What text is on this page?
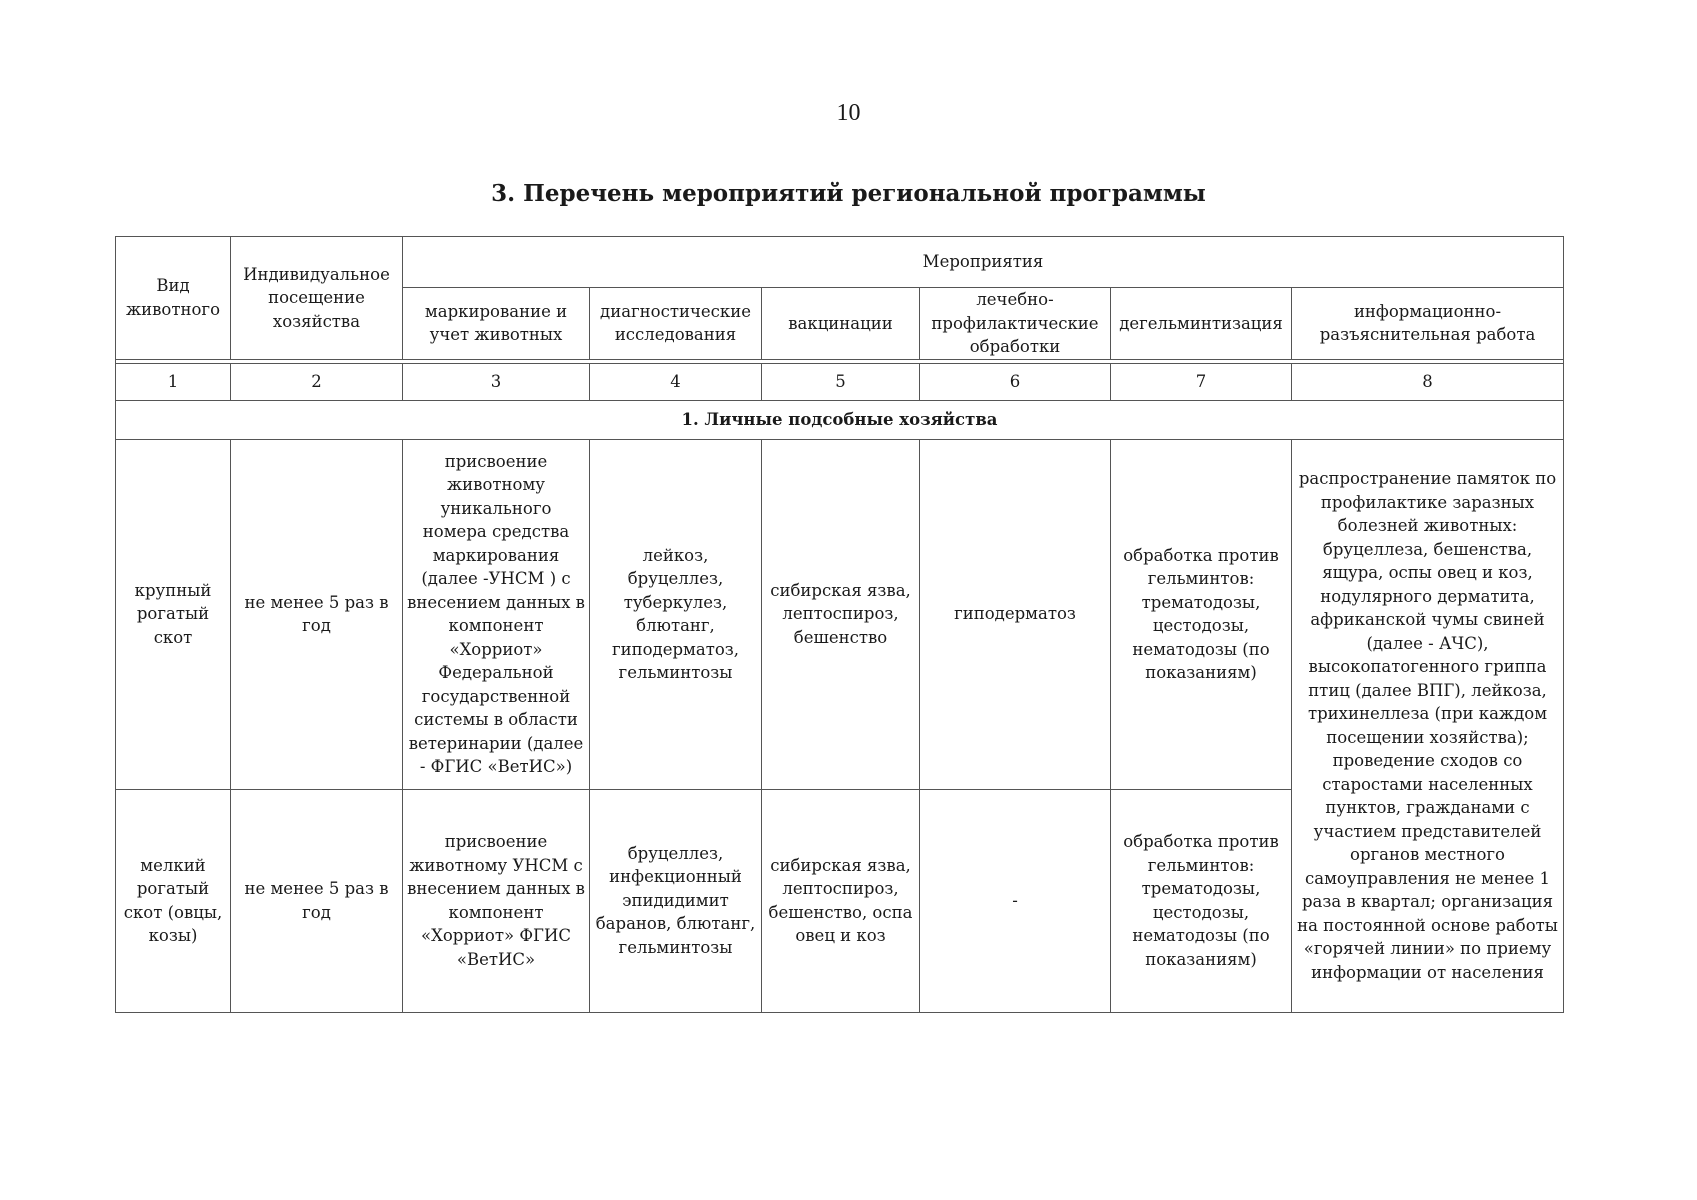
10
3. Перечень мероприятий региональной программы
Вид животного	Индивидуальное посещение хозяйства	Мероприятия					
		маркирование и учет животных	диагностические исследования	вакцинации	лечебно-профилактические обработки	дегельминтизация	информационно-разъяснительная работа

1	2	3	4	5	6	7	8
1. Личные подсобные хозяйства							
крупный рогатый скот	не менее 5 раз в год	присвоение животному уникального номера средства маркирования (далее -УНСМ ) с внесением данных в компонент «Хорриот» Федеральной государственной системы в области ветеринарии (далее - ФГИС «ВетИС»)	лейкоз, бруцеллез, туберкулез, блютанг, гиподерматоз, гельминтозы	сибирская язва, лептоспироз, бешенство	гиподерматоз	обработка против гельминтов: трематодозы, цестодозы, нематодозы (по показаниям)	распространение памяток по профилактике заразных болезней животных: бруцеллеза, бешенства, ящура, оспы овец и коз, нодулярного дерматита, африканской чумы свиней (далее - АЧС), высокопатогенного гриппа птиц (далее ВПГ), лейкоза, трихинеллеза (при каждом посещении хозяйства); проведение сходов со старостами населенных пунктов, гражданами с участием представителей органов местного самоуправления не менее 1 раза в квартал; организация на постоянной основе работы «горячей линии» по приему информации от населения
мелкий рогатый скот (овцы, козы)	не менее 5 раз в год	присвоение животному УНСМ с внесением данных в компонент «Хорриот» ФГИС «ВетИС»	бруцеллез, инфекционный эпидидимит баранов, блютанг, гельминтозы	сибирская язва, лептоспироз, бешенство, оспа овец и коз	-	обработка против гельминтов: трематодозы, цестодозы, нематодозы (по показаниям)	
